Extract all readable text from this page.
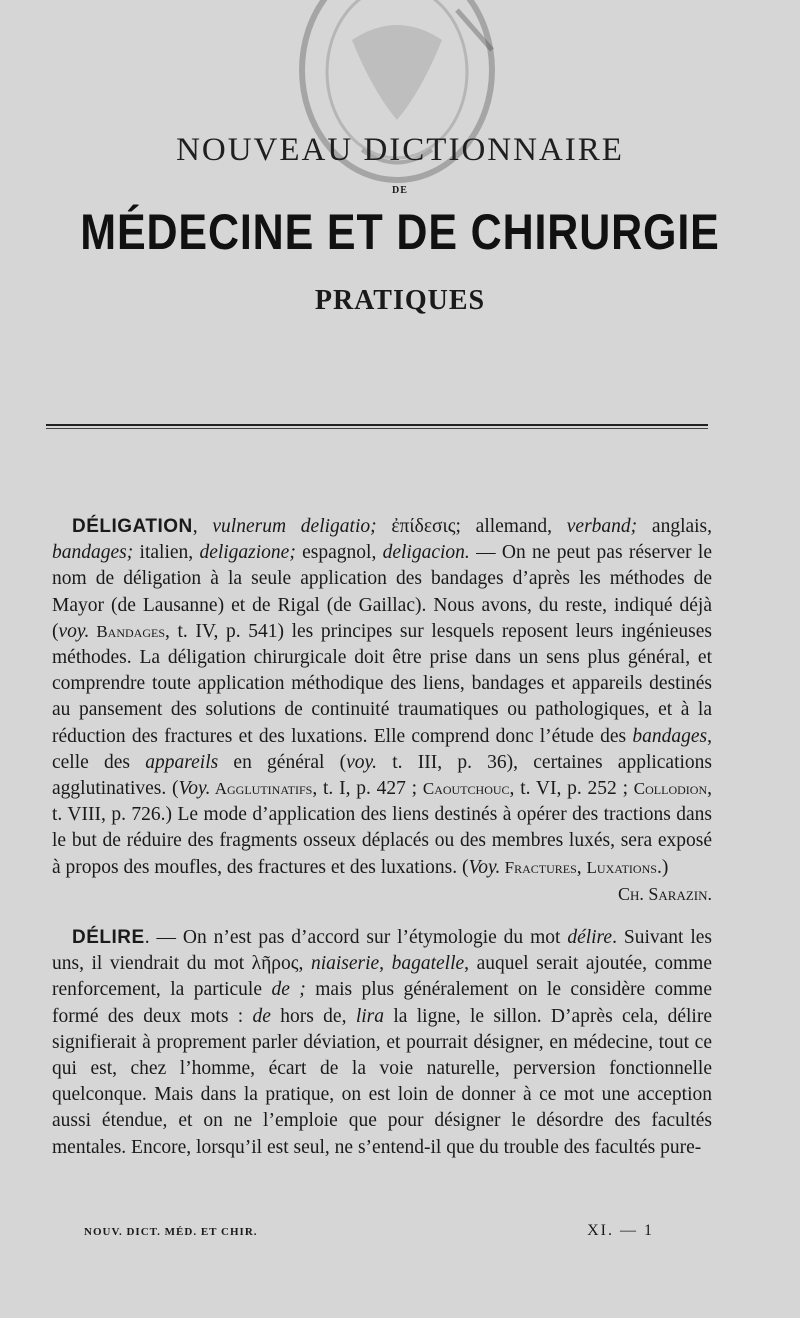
NOUVEAU DICTIONNAIRE
DE
MÉDECINE ET DE CHIRURGIE
PRATIQUES

DÉLIGATION, vulnerum deligatio; ἐπίδεσις; allemand, verband; anglais, bandages; italien, deligazione; espagnol, deligacion. — On ne peut pas réserver le nom de déligation à la seule application des bandages d’après les méthodes de Mayor (de Lausanne) et de Rigal (de Gaillac). Nous avons, du reste, indiqué déjà (voy. Bandages, t. IV, p. 541) les principes sur lesquels reposent leurs ingénieuses méthodes. La déligation chirurgicale doit être prise dans un sens plus général, et comprendre toute application méthodique des liens, bandages et appareils destinés au pansement des solutions de continuité traumatiques ou pathologiques, et à la réduction des fractures et des luxations. Elle comprend donc l’étude des bandages, celle des appareils en général (voy. t. III, p. 36), certaines applications agglutinatives. (Voy. Agglutinatifs, t. I, p. 427 ; Caoutchouc, t. VI, p. 252 ; Collodion, t. VIII, p. 726.) Le mode d’application des liens destinés à opérer des tractions dans le but de réduire des fragments osseux déplacés ou des membres luxés, sera exposé à propos des moufles, des fractures et des luxations. (Voy. Fractures, Luxations.)

Ch. Sarazin.

DÉLIRE. — On n’est pas d’accord sur l’étymologie du mot délire. Suivant les uns, il viendrait du mot λῆρος, niaiserie, bagatelle, auquel serait ajoutée, comme renforcement, la particule de ; mais plus généralement on le considère comme formé des deux mots : de hors de, lira la ligne, le sillon. D’après cela, délire signifierait à proprement parler déviation, et pourrait désigner, en médecine, tout ce qui est, chez l’homme, écart de la voie naturelle, perversion fonctionnelle quelconque. Mais dans la pratique, on est loin de donner à ce mot une acception aussi étendue, et on ne l’emploie que pour désigner le désordre des facultés mentales. Encore, lorsqu’il est seul, ne s’entend-il que du trouble des facultés pure-

NOUV. DICT. MÉD. ET CHIR.	XI. — 1
